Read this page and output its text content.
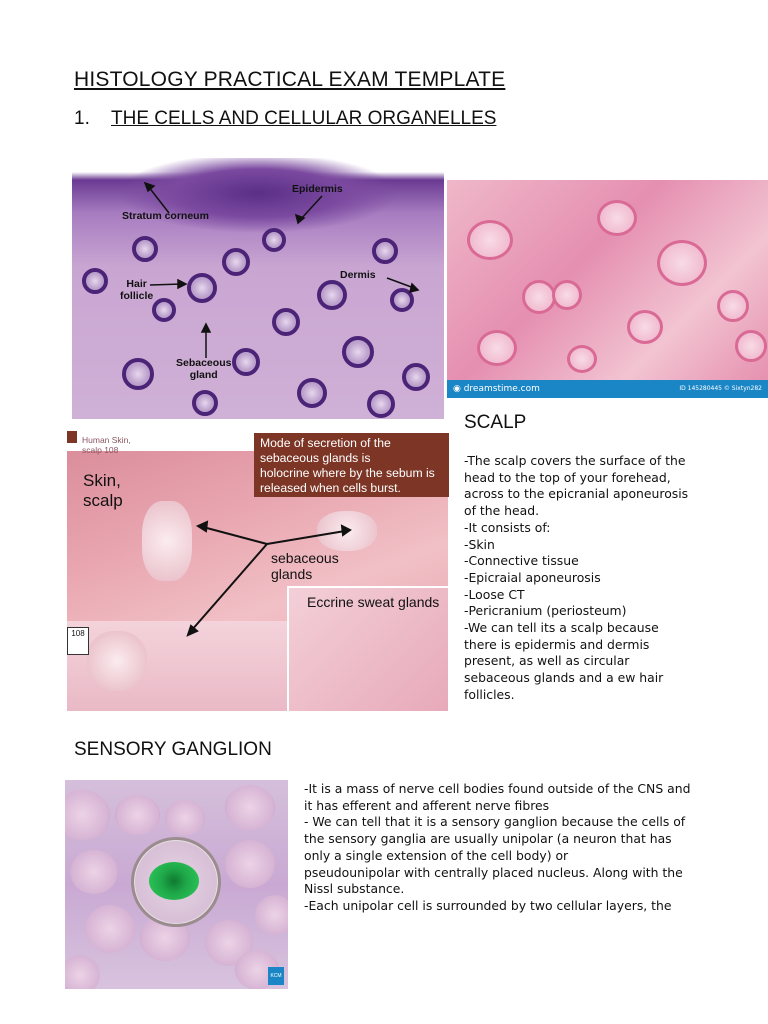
HISTOLOGY PRACTICAL EXAM TEMPLATE
1. THE CELLS AND CELLULAR ORGANELLES
Epidermis
Stratum corneum
Hair
follicle
Dermis
Sebaceous
gland
◉ dreamstime.com	ID 145280445 © Sixtyn282
Human Skin,
scalp 108
Skin,
scalp
sebaceous
glands
Eccrine sweat glands
108
Mode of secretion of the
sebaceous glands is
holocrine where by the sebum is
released when cells burst.
SCALP
-The scalp covers the surface of the
head to the top of your forehead,
across to the epicranial aponeurosis
of the head.
-It consists of:
-Skin
-Connective tissue
-Epicraial aponeurosis
-Loose CT
-Pericranium (periosteum)
-We can tell its a scalp because
there is epidermis and dermis
present, as well as circular
sebaceous glands and a ew hair
follicles.
SENSORY GANGLION
KCM
-It is a mass of nerve cell bodies found outside of the CNS and
it has efferent and afferent nerve fibres
- We can tell that it is a sensory ganglion because the cells of
the sensory ganglia are usually unipolar (a neuron that has
only a single extension of the cell body) or
pseudounipolar with centrally placed nucleus. Along with the
Nissl substance.
-Each unipolar cell is surrounded by two cellular layers, the
